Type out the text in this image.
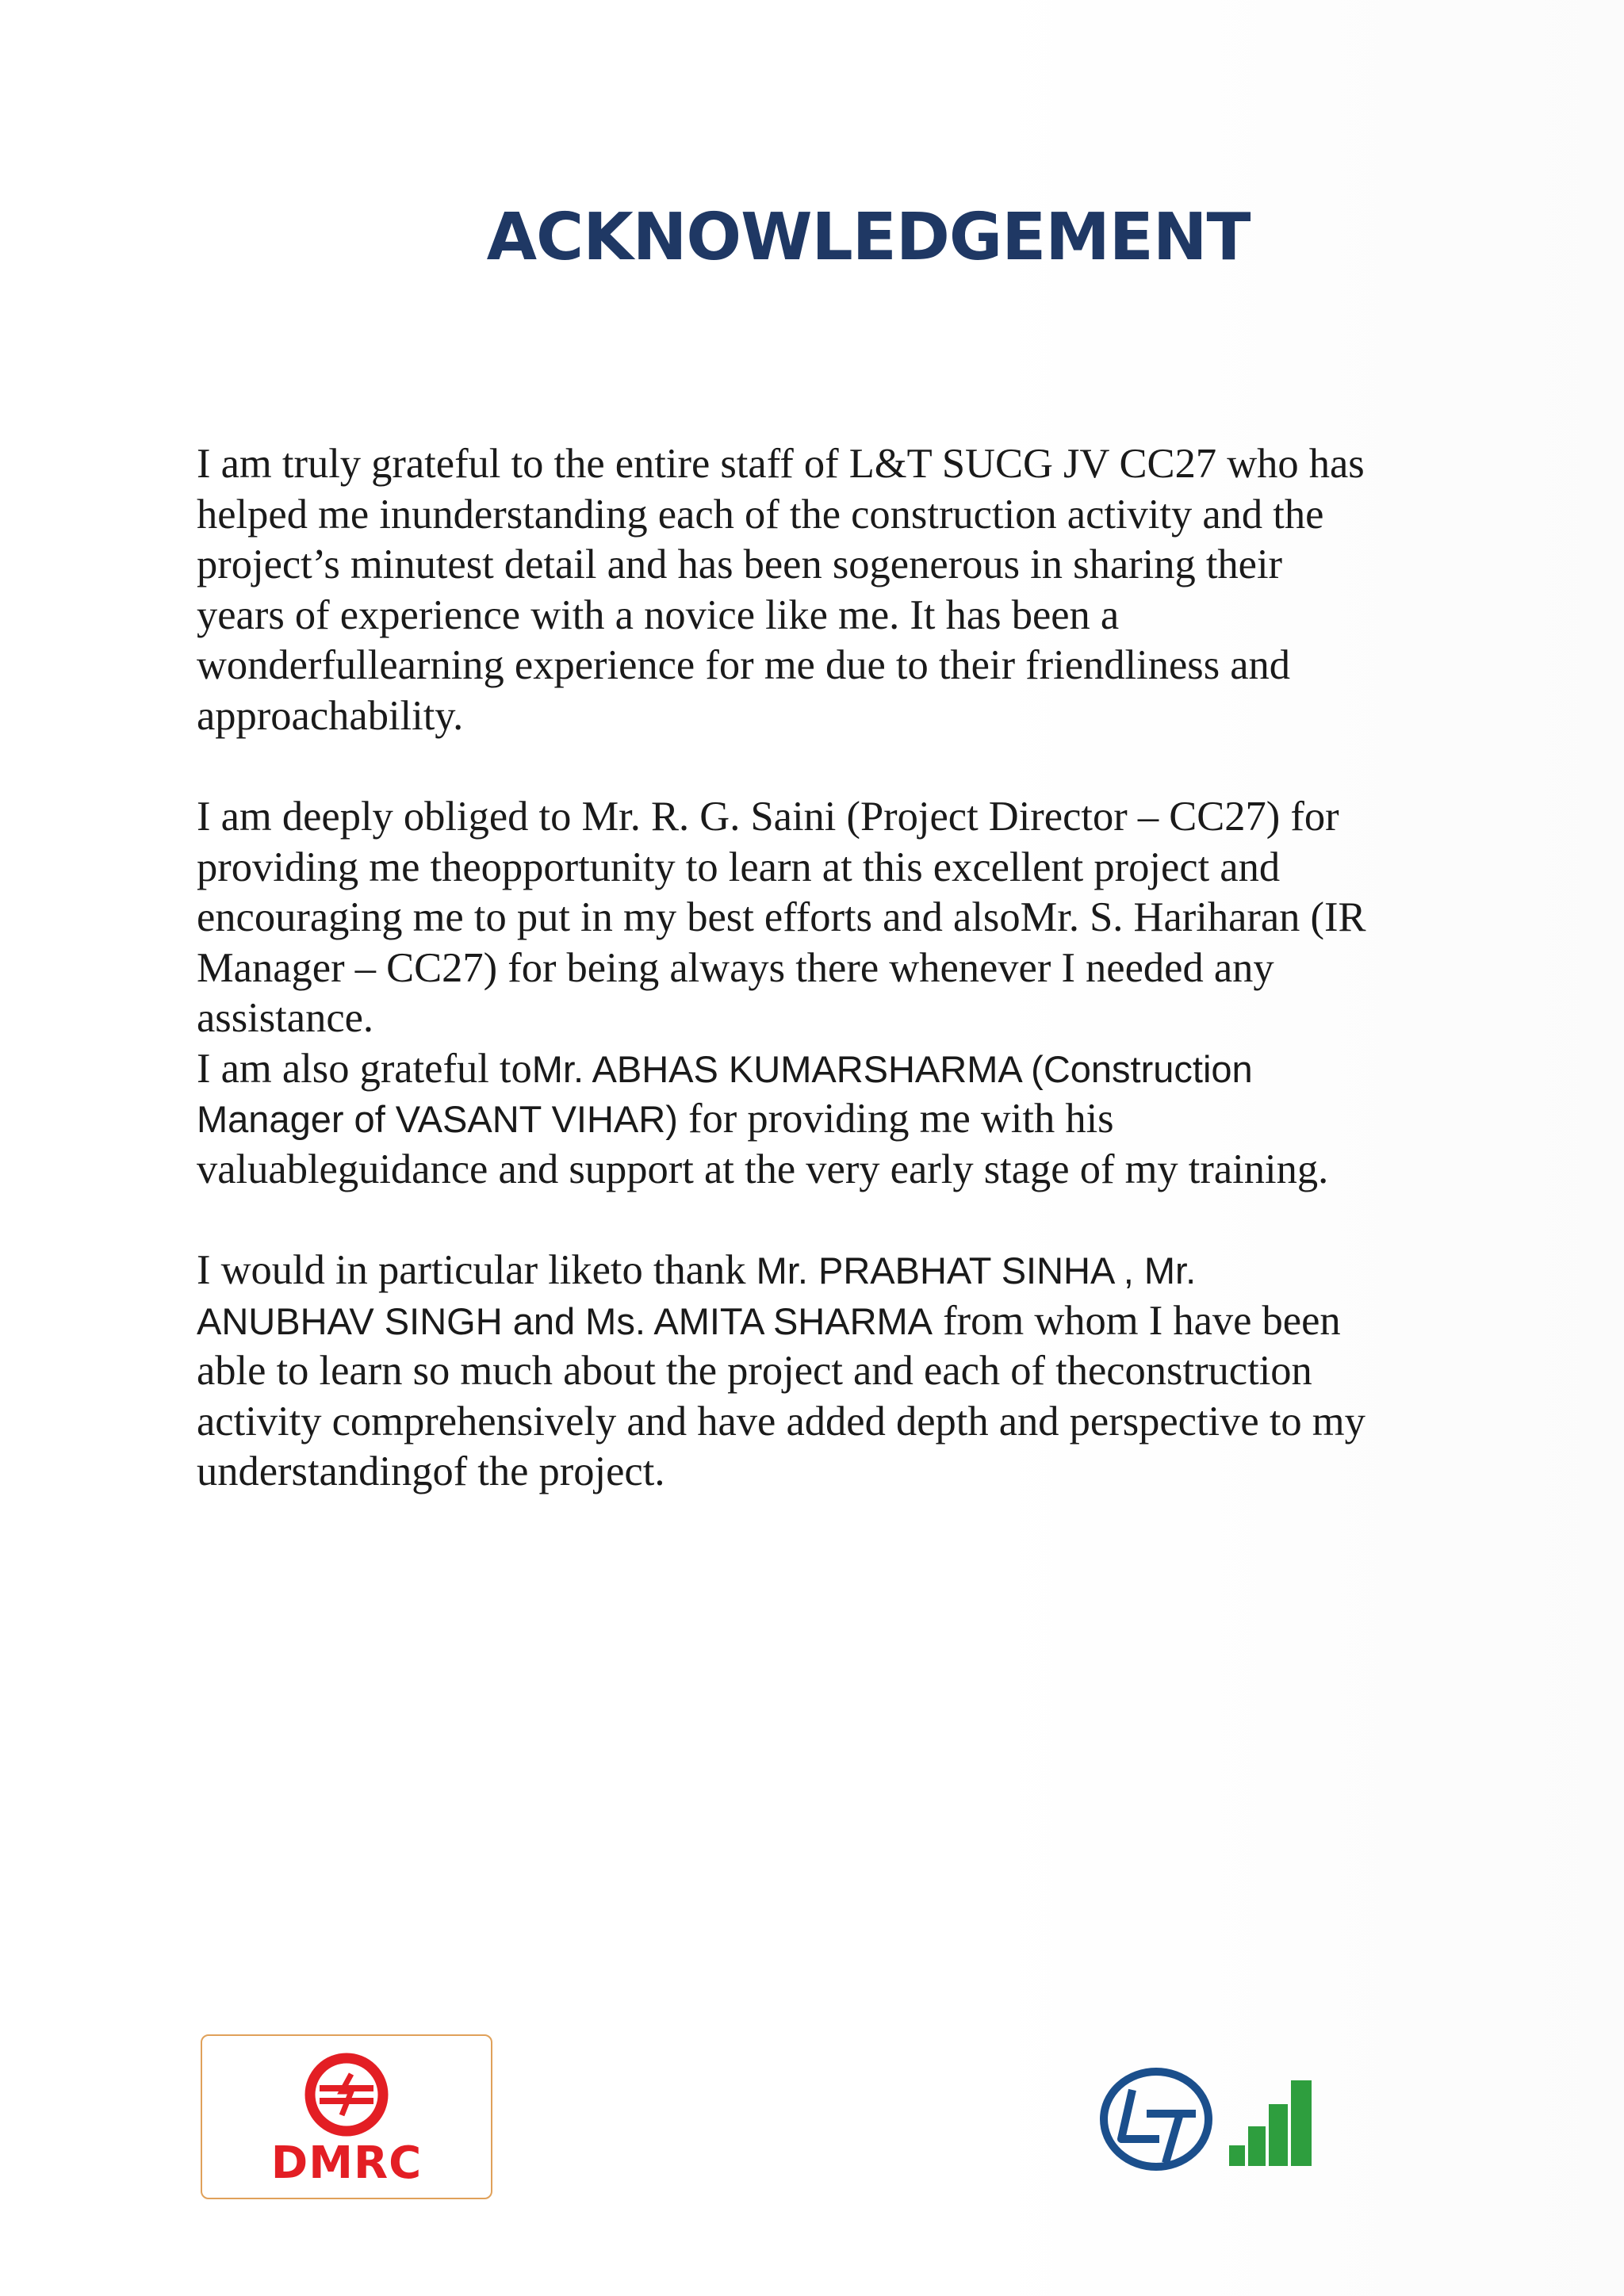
ACKNOWLEDGEMENT

I am truly grateful to the entire staff of L&T SUCG JV CC27 who has
helped me inunderstanding each of the construction activity and the
project’s minutest detail and has been sogenerous in sharing their
years of experience with a novice like me. It has been a
wonderfullearning experience for me due to their friendliness and
approachability.

I am deeply obliged to Mr. R. G. Saini (Project Director – CC27) for
providing me theopportunity to learn at this excellent project and
encouraging me to put in my best efforts and alsoMr. S. Hariharan (IR
Manager – CC27) for being always there whenever I needed any
assistance.

I am also grateful toMr. ABHAS KUMARSHARMA (Construction
Manager of VASANT VIHAR) for providing me with his
valuableguidance and support at the very early stage of my training.

I would in particular liketo thank Mr. PRABHAT SINHA , Mr.
ANUBHAV SINGH and Ms. AMITA SHARMA from whom I have been
able to learn so much about the project and each of theconstruction
activity comprehensively and have added depth and perspective to my
understandingof the project.

DMRC
